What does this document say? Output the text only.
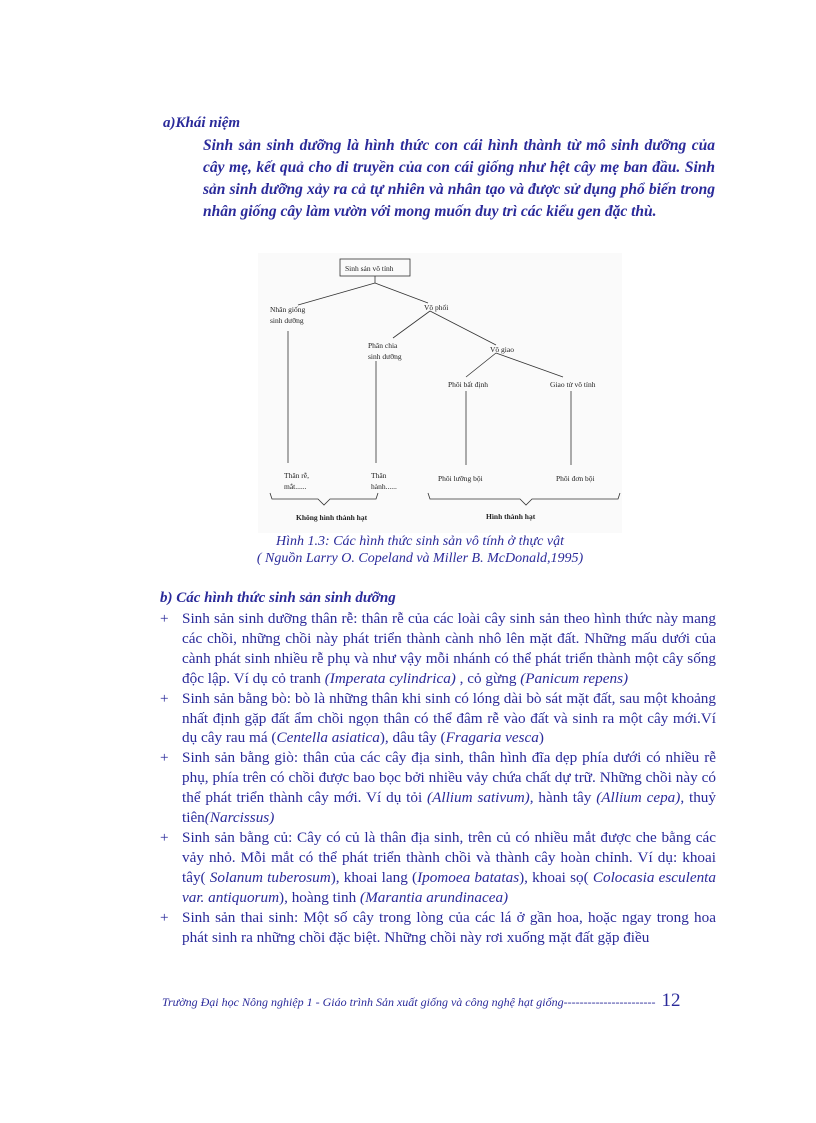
a)Khái niệm
Sinh sản sinh dưỡng là hình thức con cái hình thành từ mô sinh dưỡng của cây mẹ, kết quả cho di truyền của con cái giống như hệt cây mẹ ban đầu. Sinh sản sinh dưỡng xảy ra cả tự nhiên và nhân tạo và được sử dụng phổ biến trong nhân giống cây làm vườn với mong muốn duy trì các kiểu gen đặc thù.
Sinh sản vô tính
Nhân giống
sinh dưỡng
Vô phối
Phân chia
sinh dưỡng
Vô giao
Phôi bất định	Giao tử vô tính
Thân rễ,
mắt......
Thân
hành......
Phôi lưỡng bội	Phôi đơn bội
Không hình thành hạt	Hình thành hạt
Hình 1.3: Các hình thức sinh sản vô tính ở thực vật
( Nguồn Larry O. Copeland và Miller B. McDonald,1995)
b) Các hình thức sinh sản sinh dưỡng
+ Sinh sản sinh dưỡng thân rễ: thân rễ của các loài cây sinh sản theo hình thức này mang các chồi, những chồi này phát triển thành cành nhô lên mặt đất. Những mấu dưới của cành phát sinh nhiều rễ phụ và như vậy mỗi nhánh có thể phát triển thành một cây sống độc lập. Ví dụ cỏ tranh (Imperata cylindrica) , cỏ gừng (Panicum repens)
+ Sinh sản bằng bò: bò là những thân khi sinh có lóng dài bò sát mặt đất, sau một khoảng nhất định gặp đất ẩm chồi ngọn thân có thể đâm rễ vào đất và sinh ra một cây mới.Ví dụ cây rau má (Centella asiatica), dâu tây (Fragaria vesca)
+ Sinh sản bằng giò: thân của các cây địa sinh, thân hình đĩa dẹp phía dưới có nhiều rễ phụ, phía trên có chồi được bao bọc bởi nhiều vảy chứa chất dự trữ. Những chồi này có thể phát triển thành cây mới. Ví dụ tỏi (Allium sativum), hành tây (Allium cepa), thuỷ tiên(Narcissus)
+ Sinh sản bằng củ: Cây có củ là thân địa sinh, trên củ có nhiều mắt được che bằng các vảy nhỏ. Mỗi mắt có thể phát triển thành chồi và thành cây hoàn chỉnh. Ví dụ: khoai tây( Solanum tuberosum), khoai lang (Ipomoea batatas), khoai sọ( Colocasia esculenta var. antiquorum), hoàng tinh (Marantia arundinacea)
+ Sinh sản thai sinh: Một số cây trong lòng của các lá ở gần hoa, hoặc ngay trong hoa phát sinh ra những chồi đặc biệt. Những chồi này rơi xuống mặt đất gặp điều
Trường Đại học Nông nghiệp 1 - Giáo trình Sản xuất giống và công nghệ hạt giống----------------------- 12
